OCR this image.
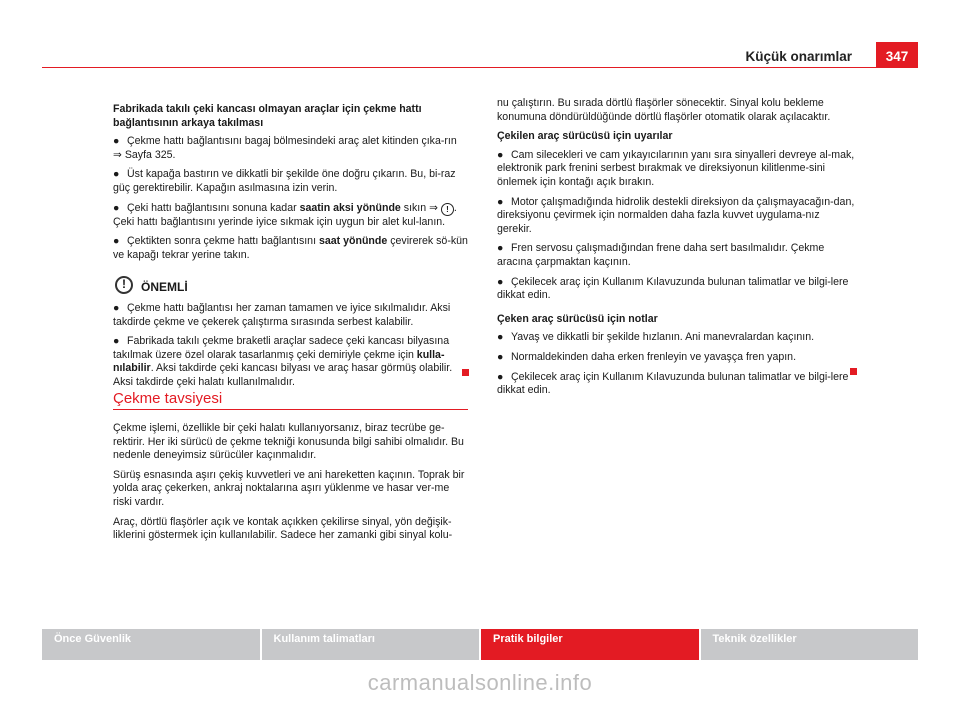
Küçük onarımlar	347

Fabrikada takılı çeki kancası olmayan araçlar için çekme hattı bağlantısının arkaya takılması

● Çekme hattı bağlantısını bagaj bölmesindeki araç alet kitinden çıka-rın ⇒ Sayfa 325.

● Üst kapağa bastırın ve dikkatli bir şekilde öne doğru çıkarın. Bu, bi-raz güç gerektirebilir. Kapağın asılmasına izin verin.

● Çeki hattı bağlantısını sonuna kadar saatin aksi yönünde sıkın ⇒ ! . Çeki hattı bağlantısını yerinde iyice sıkmak için uygun bir alet kul-lanın.

● Çektikten sonra çekme hattı bağlantısını saat yönünde çevirerek sö-kün ve kapağı tekrar yerine takın.

!	ÖNEMLİ

● Çekme hattı bağlantısı her zaman tamamen ve iyice sıkılmalıdır. Aksi takdirde çekme ve çekerek çalıştırma sırasında serbest kalabilir.

● Fabrikada takılı çekme braketli araçlar sadece çeki kancası bilyasına takılmak üzere özel olarak tasarlanmış çeki demiriyle çekme için kulla-nılabilir. Aksi takdirde çeki kancası bilyası ve araç hasar görmüş olabilir. Aksi takdirde çeki halatı kullanılmalıdır.

Çekme tavsiyesi

Çekme işlemi, özellikle bir çeki halatı kullanıyorsanız, biraz tecrübe ge-rektirir. Her iki sürücü de çekme tekniği konusunda bilgi sahibi olmalıdır. Bu nedenle deneyimsiz sürücüler kaçınmalıdır.

Sürüş esnasında aşırı çekiş kuvvetleri ve ani hareketten kaçının. Toprak bir yolda araç çekerken, ankraj noktalarına aşırı yüklenme ve hasar ver-me riski vardır.

Araç, dörtlü flaşörler açık ve kontak açıkken çekilirse sinyal, yön değişik-liklerini göstermek için kullanılabilir. Sadece her zamanki gibi sinyal kolu-

nu çalıştırın. Bu sırada dörtlü flaşörler sönecektir. Sinyal kolu bekleme konumuna döndürüldüğünde dörtlü flaşörler otomatik olarak açılacaktır.

Çekilen araç sürücüsü için uyarılar

● Cam silecekleri ve cam yıkayıcılarının yanı sıra sinyalleri devreye al-mak, elektronik park frenini serbest bırakmak ve direksiyonun kilitlenme-sini önlemek için kontağı açık bırakın.

● Motor çalışmadığında hidrolik destekli direksiyon da çalışmayacağın-dan, direksiyonu çevirmek için normalden daha fazla kuvvet uygulama-nız gerekir.

● Fren servosu çalışmadığından frene daha sert basılmalıdır. Çekme aracına çarpmaktan kaçının.

● Çekilecek araç için Kullanım Kılavuzunda bulunan talimatlar ve bilgi-lere dikkat edin.

Çeken araç sürücüsü için notlar

● Yavaş ve dikkatli bir şekilde hızlanın. Ani manevralardan kaçının.

● Normaldekinden daha erken frenleyin ve yavaşça fren yapın.

● Çekilecek araç için Kullanım Kılavuzunda bulunan talimatlar ve bilgi-lere dikkat edin.

Önce Güvenlik	Kullanım talimatları	Pratik bilgiler	Teknik özellikler
carmanualsonline.info
